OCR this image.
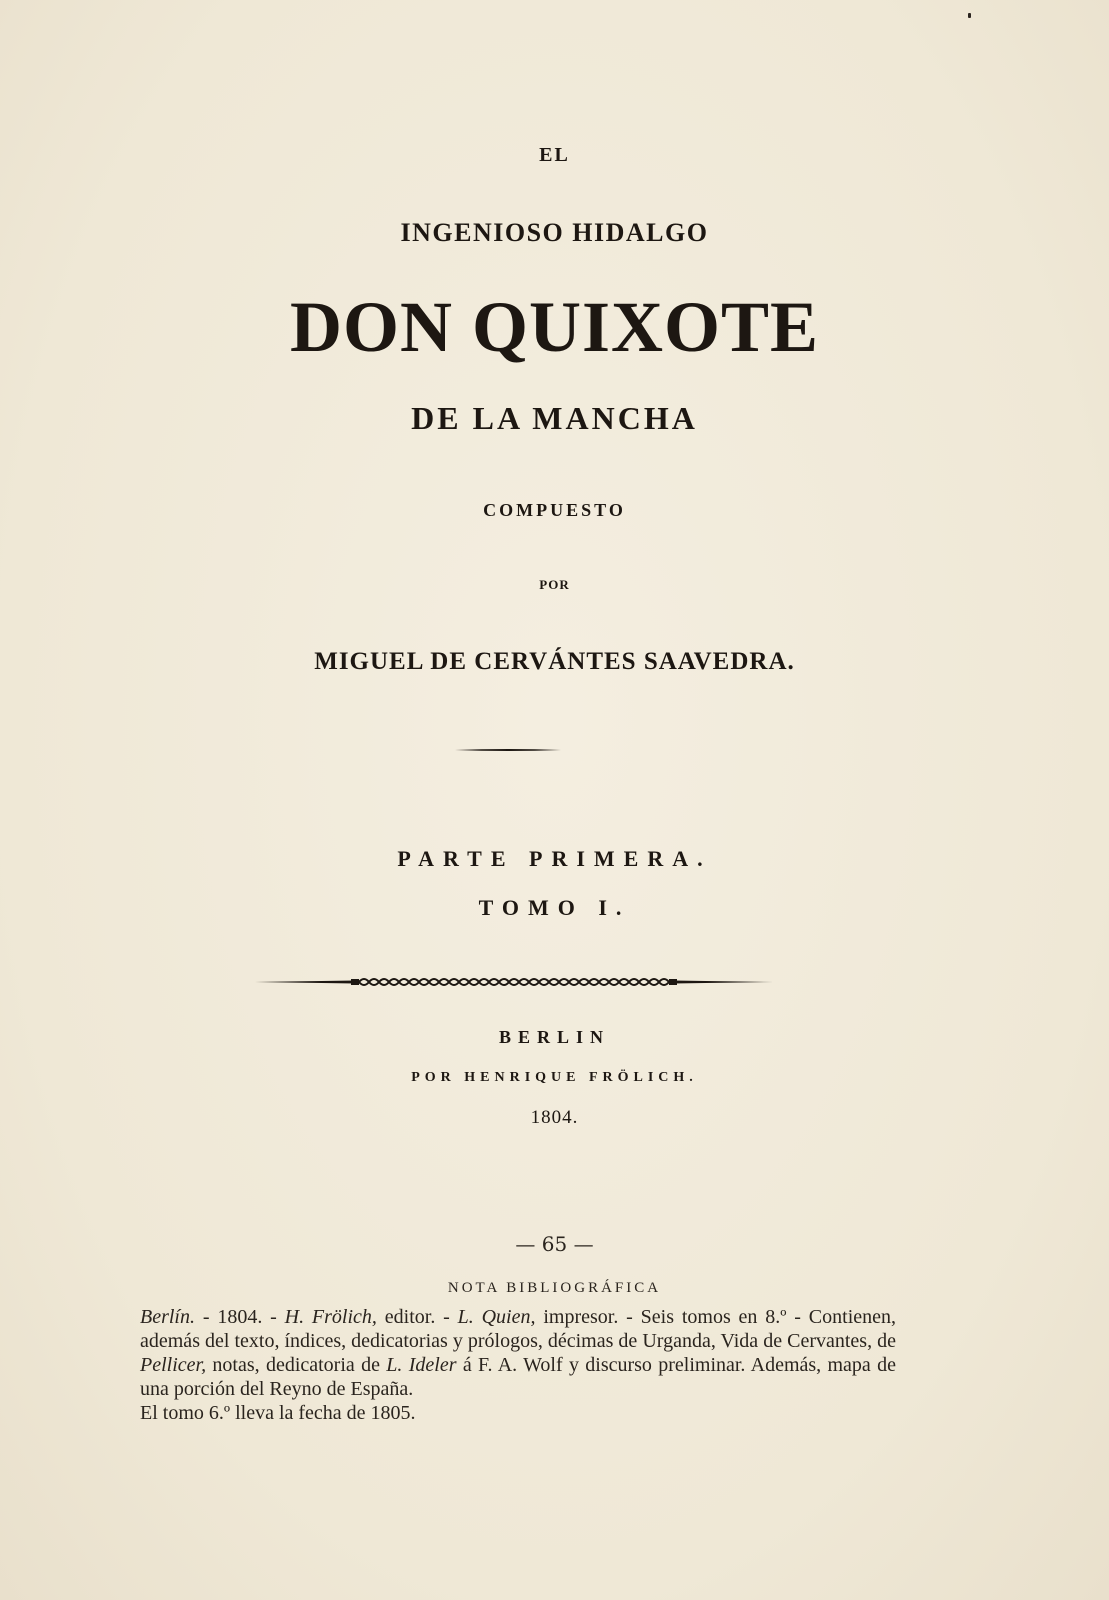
EL
INGENIOSO HIDALGO
DON QUIXOTE
DE LA MANCHA
COMPUESTO
POR
MIGUEL DE CERVÁNTES SAAVEDRA.
PARTE PRIMERA.
TOMO I.
BERLIN
POR HENRIQUE FRÖLICH.
1804.
— 65 —
NOTA BIBLIOGRÁFICA

Berlín. - 1804. - H. Frölich, editor. - L. Quien, impresor. - Seis tomos en 8.º - Contienen, además del texto, índices, dedicatorias y prólogos, décimas de Urganda, Vida de Cervantes, de Pellicer, notas, dedicatoria de L. Ideler á F. A. Wolf y discurso preliminar. Además, mapa de una porción del Reyno de España.

El tomo 6.º lleva la fecha de 1805.
